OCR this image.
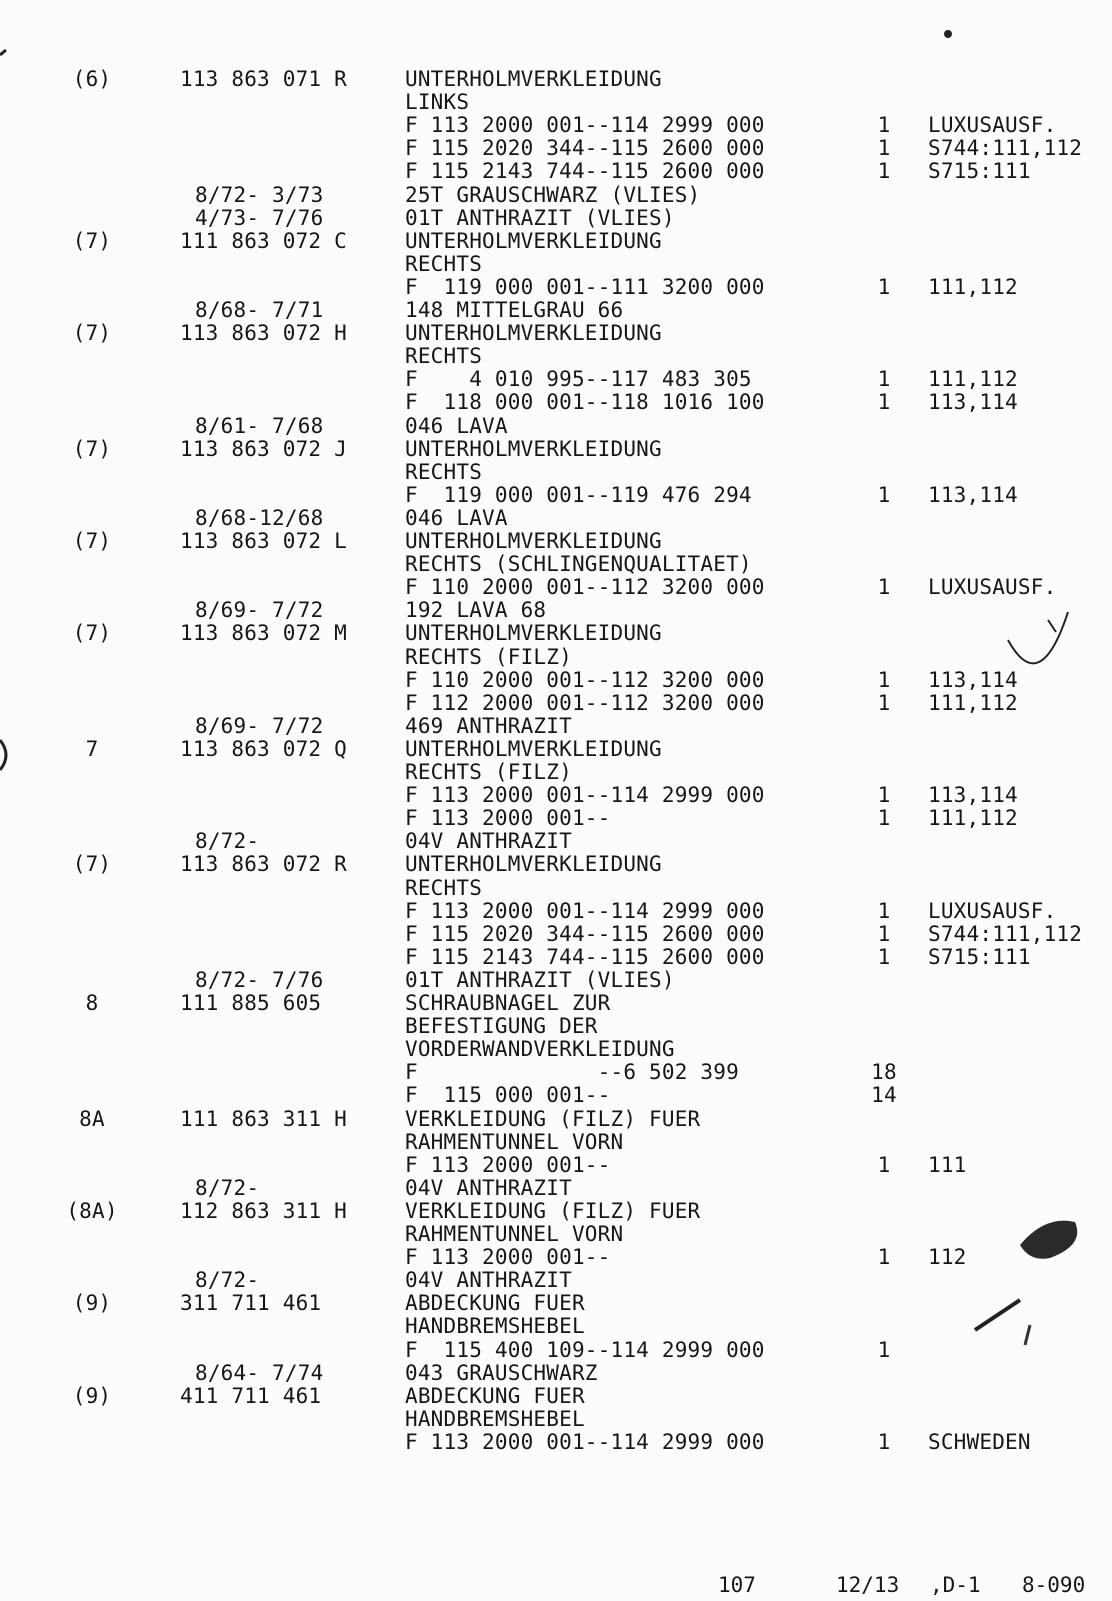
(6)	113 863 071 R	UNTERHOLMVERKLEIDUNG
LINKS
F 113 2000 001--114 2999 000	1	LUXUSAUSF.
F 115 2020 344--115 2600 000	1	S744:111,112
F 115 2143 744--115 2600 000	1	S715:111
8/72- 3/73	25T GRAUSCHWARZ (VLIES)
4/73- 7/76	01T ANTHRAZIT (VLIES)
(7)	111 863 072 C	UNTERHOLMVERKLEIDUNG
RECHTS
F  119 000 001--111 3200 000	1	111,112
8/68- 7/71	148 MITTELGRAU 66
(7)	113 863 072 H	UNTERHOLMVERKLEIDUNG
RECHTS
F    4 010 995--117 483 305	1	111,112
F  118 000 001--118 1016 100	1	113,114
8/61- 7/68	046 LAVA
(7)	113 863 072 J	UNTERHOLMVERKLEIDUNG
RECHTS
F  119 000 001--119 476 294	1	113,114
8/68-12/68	046 LAVA
(7)	113 863 072 L	UNTERHOLMVERKLEIDUNG
RECHTS (SCHLINGENQUALITAET)
F 110 2000 001--112 3200 000	1	LUXUSAUSF.
8/69- 7/72	192 LAVA 68
(7)	113 863 072 M	UNTERHOLMVERKLEIDUNG
RECHTS (FILZ)
F 110 2000 001--112 3200 000	1	113,114
F 112 2000 001--112 3200 000	1	111,112
8/69- 7/72	469 ANTHRAZIT
7	113 863 072 Q	UNTERHOLMVERKLEIDUNG
RECHTS (FILZ)
F 113 2000 001--114 2999 000	1	113,114
F 113 2000 001--	1	111,112
8/72-	04V ANTHRAZIT
(7)	113 863 072 R	UNTERHOLMVERKLEIDUNG
RECHTS
F 113 2000 001--114 2999 000	1	LUXUSAUSF.
F 115 2020 344--115 2600 000	1	S744:111,112
F 115 2143 744--115 2600 000	1	S715:111
8/72- 7/76	01T ANTHRAZIT (VLIES)
8	111 885 605	SCHRAUBNAGEL ZUR
BEFESTIGUNG DER
VORDERWANDVERKLEIDUNG
F              --6 502 399	18
F  115 000 001--	14
8A	111 863 311 H	VERKLEIDUNG (FILZ) FUER
RAHMENTUNNEL VORN
F 113 2000 001--	1	111
8/72-	04V ANTHRAZIT
(8A)	112 863 311 H	VERKLEIDUNG (FILZ) FUER
RAHMENTUNNEL VORN
F 113 2000 001--	1	112
8/72-	04V ANTHRAZIT
(9)	311 711 461	ABDECKUNG FUER
HANDBREMSHEBEL
F  115 400 109--114 2999 000	1
8/64- 7/74	043 GRAUSCHWARZ
(9)	411 711 461	ABDECKUNG FUER
HANDBREMSHEBEL
F 113 2000 001--114 2999 000	1	SCHWEDEN
107	12/13 ,D-1 8-090
